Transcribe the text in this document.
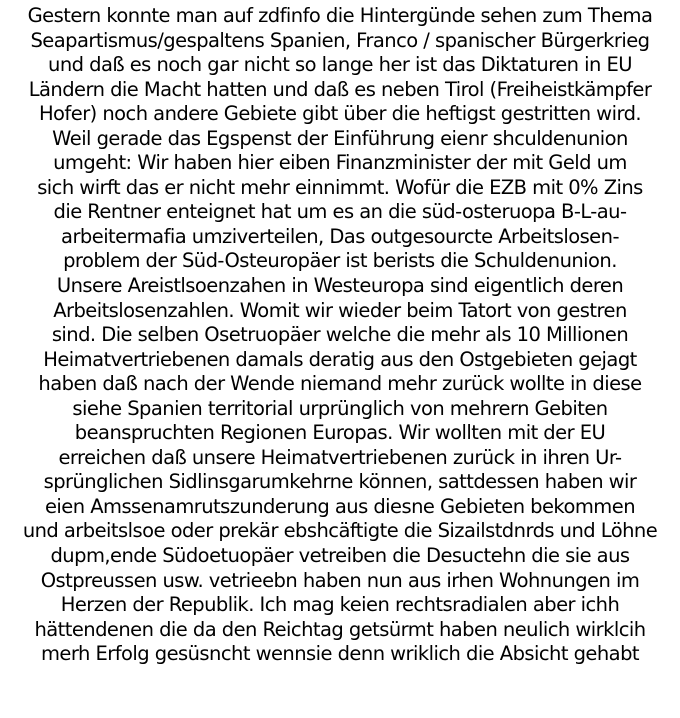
Gestern konnte man auf zdfinfo die Hintergünde sehen zum Thema
Seapartismus/gespaltens Spanien, Franco / spanischer Bürgerkrieg
und daß es noch gar nicht so lange her ist das Diktaturen in EU
Ländern die Macht hatten und daß es neben Tirol (Freiheistkämpfer
Hofer) noch andere Gebiete gibt über die heftigst gestritten wird.
Weil gerade das Egspenst der Einführung eienr shculdenunion
umgeht: Wir haben hier eiben Finanzminister der mit Geld um
sich wirft das er nicht mehr einnimmt. Wofür die EZB mit 0% Zins
die Rentner enteignet hat um es an die süd-osteruopa B-L-au-
arbeitermafia umziverteilen, Das outgesourcte Arbeitslosen-
problem der Süd-Osteuropäer ist berists die Schuldenunion.
Unsere Areistlsoenzahen in Westeuropa sind eigentlich deren
Arbeitslosenzahlen. Womit wir wieder beim Tatort von gestren
sind. Die selben Osetruopäer welche die mehr als 10 Millionen
Heimatvertriebenen damals deratig aus den Ostgebieten gejagt
haben daß nach der Wende niemand mehr zurück wollte in diese
siehe Spanien territorial urprünglich von mehrern Gebiten
beanspruchten Regionen Europas. Wir wollten mit der EU
erreichen daß unsere Heimatvertriebenen zurück in ihren Ur-
sprünglichen Sidlinsgarumkehrne können, sattdessen haben wir
eien Amssenamrutszunderung aus diesne Gebieten bekommen
und arbeitslsoe oder prekär ebshcäftigte die Sizailstdnrds und Löhne
dupm,ende Südoetuopäer vetreiben die Desuctehn die sie aus
Ostpreussen usw. vetrieebn haben nun aus irhen Wohnungen im
Herzen der Republik. Ich mag keien rechtsradialen aber ichh
hättendenen die da den Reichtag getsürmt haben neulich wirklcih
merh Erfolg gesüsncht wennsie denn wriklich die Absicht gehabt
